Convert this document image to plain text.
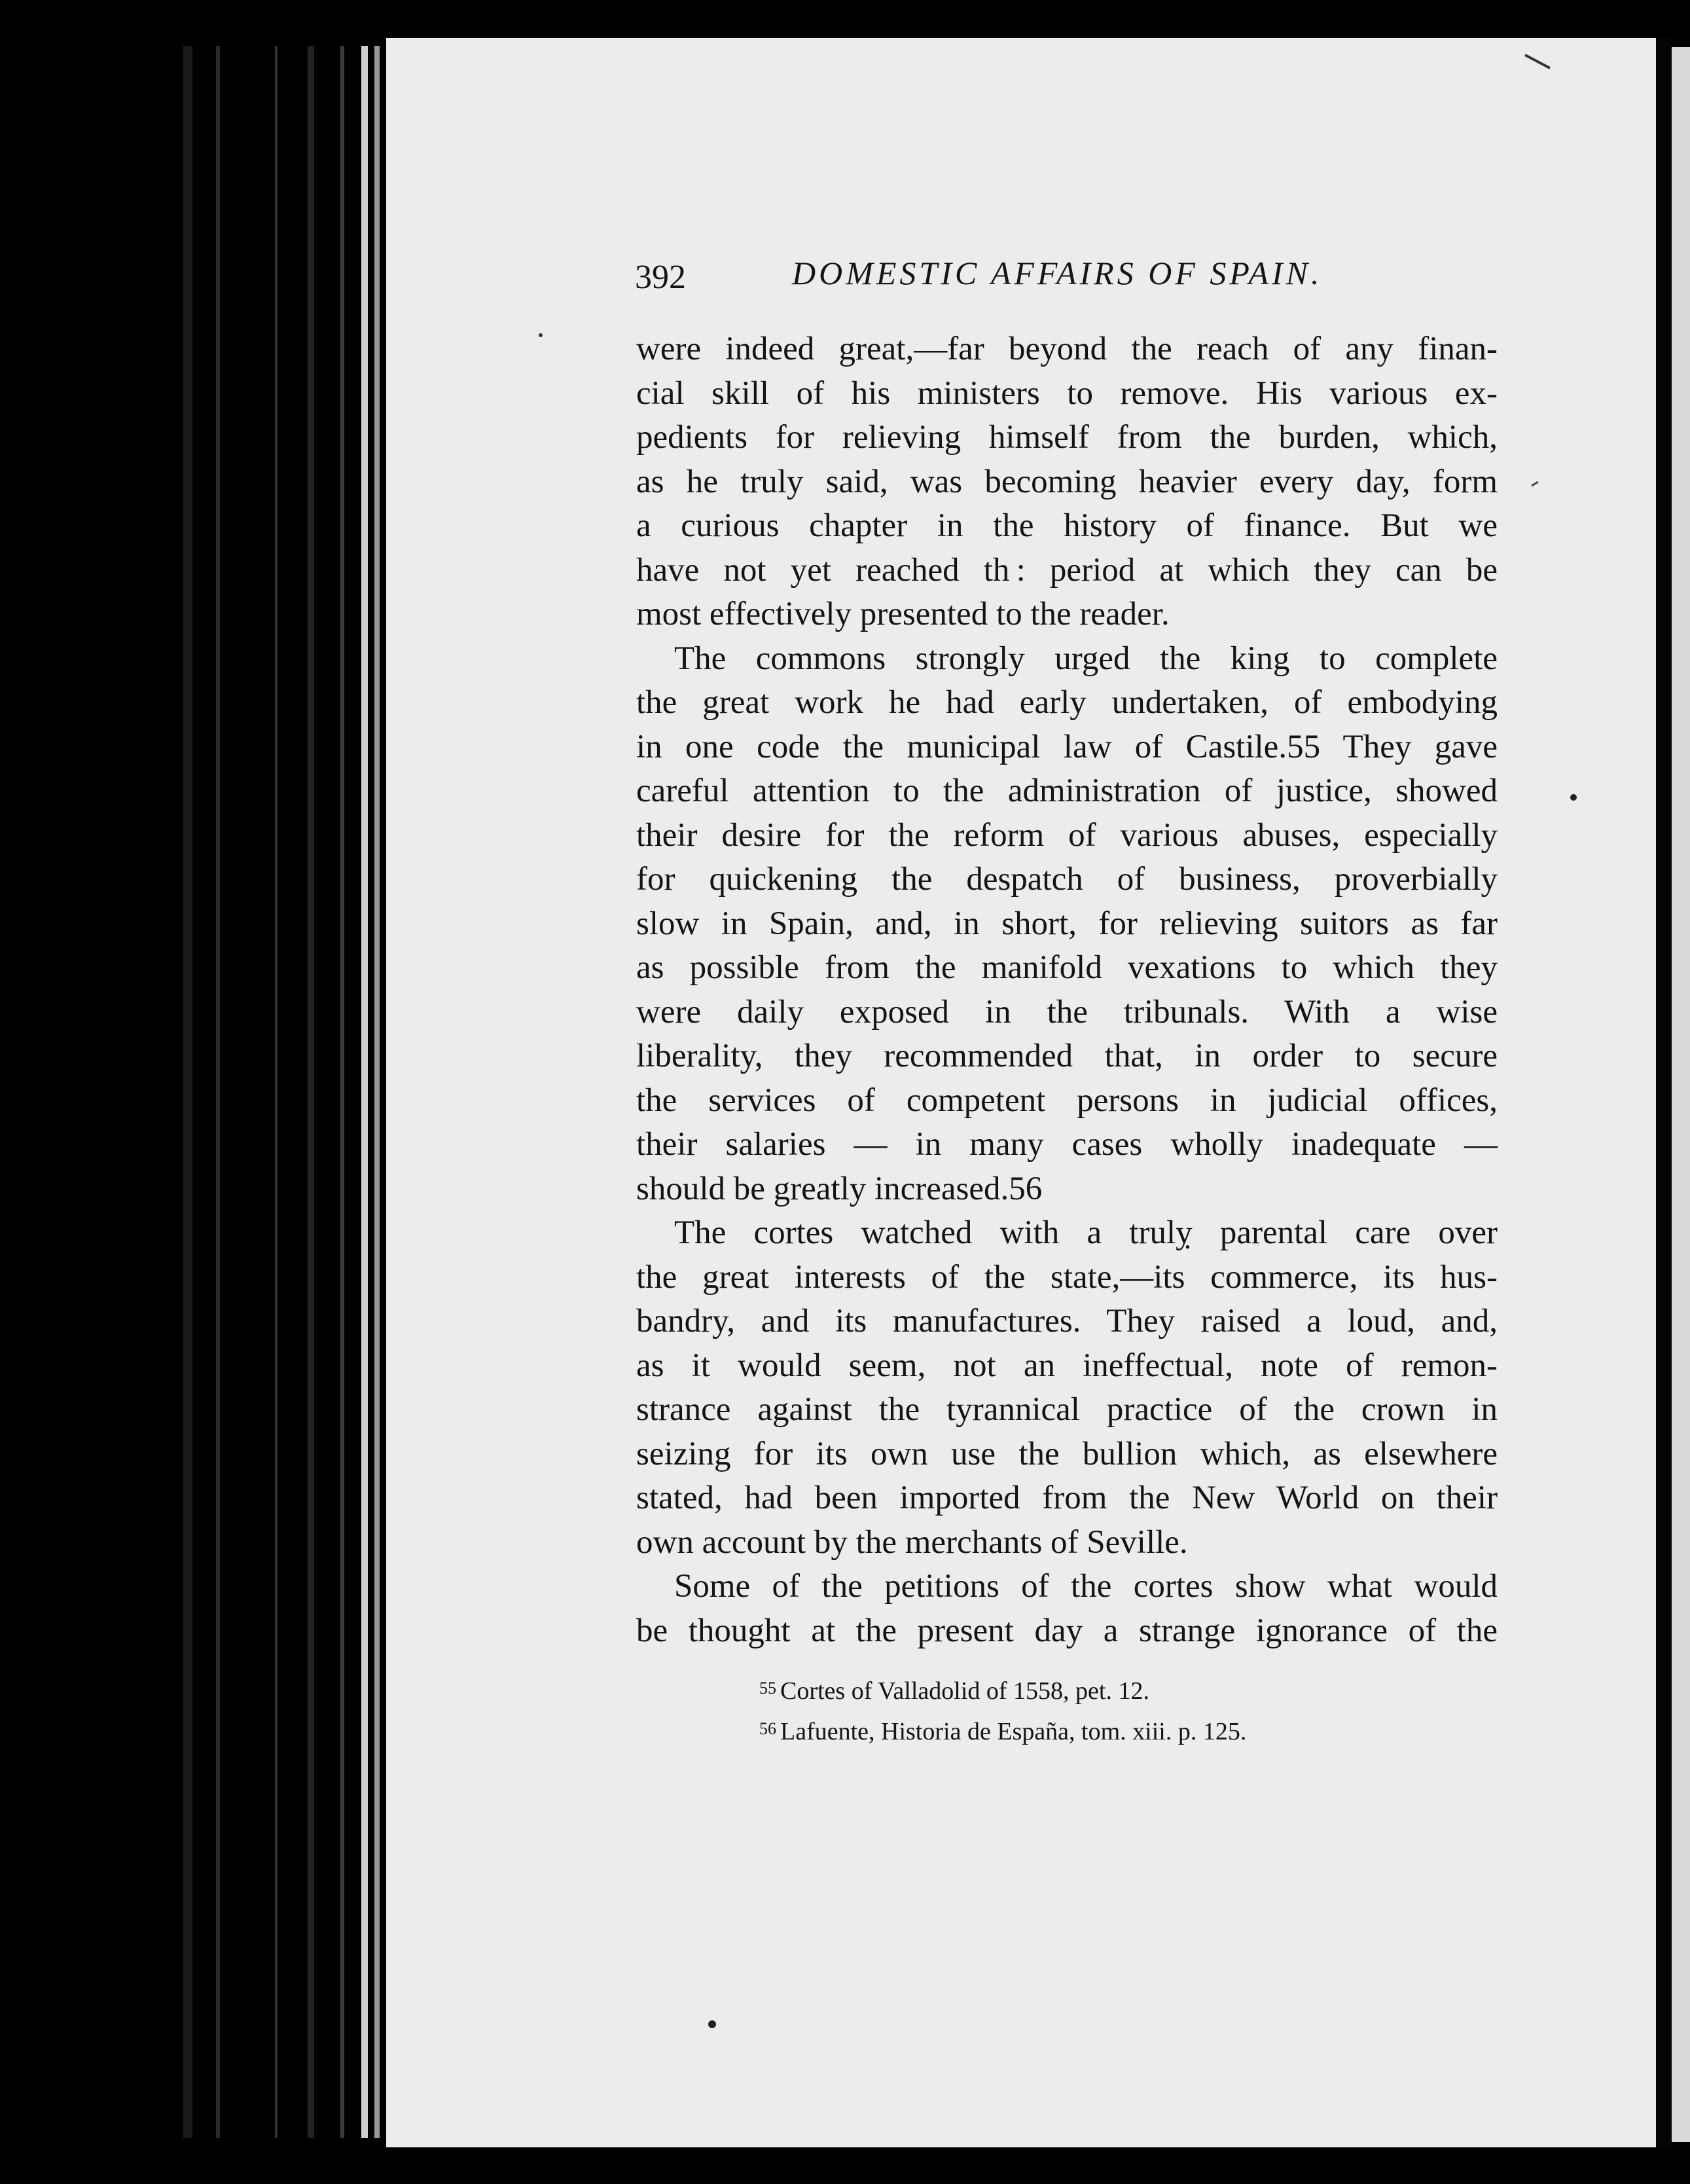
392	DOMESTIC AFFAIRS OF SPAIN.
were indeed great,—far beyond the reach of any finan-
cial skill of his ministers to remove. His various ex-
pedients for relieving himself from the burden, which,
as he truly said, was becoming heavier every day, form
a curious chapter in the history of finance. But we
have not yet reached th : period at which they can be
most effectively presented to the reader.
The commons strongly urged the king to complete
the great work he had early undertaken, of embodying
in one code the municipal law of Castile.55 They gave
careful attention to the administration of justice, showed
their desire for the reform of various abuses, especially
for quickening the despatch of business, proverbially
slow in Spain, and, in short, for relieving suitors as far
as possible from the manifold vexations to which they
were daily exposed in the tribunals. With a wise
liberality, they recommended that, in order to secure
the services of competent persons in judicial offices,
their salaries — in many cases wholly inadequate —
should be greatly increased.56
The cortes watched with a trulỵ parental care over
the great interests of the state,—its commerce, its hus-
bandry, and its manufactures. They raised a loud, and,
as it would seem, not an ineffectual, note of remon-
strance against the tyrannical practice of the crown in
seizing for its own use the bullion which, as elsewhere
stated, had been imported from the New World on their
own account by the merchants of Seville.
Some of the petitions of the cortes show what would
be thought at the present day a strange ignorance of the
$^{55}$ Cortes of Valladolid of 1558, pet. 12.
$^{56}$ Lafuente, Historia de España, tom. xiii. p. 125.
